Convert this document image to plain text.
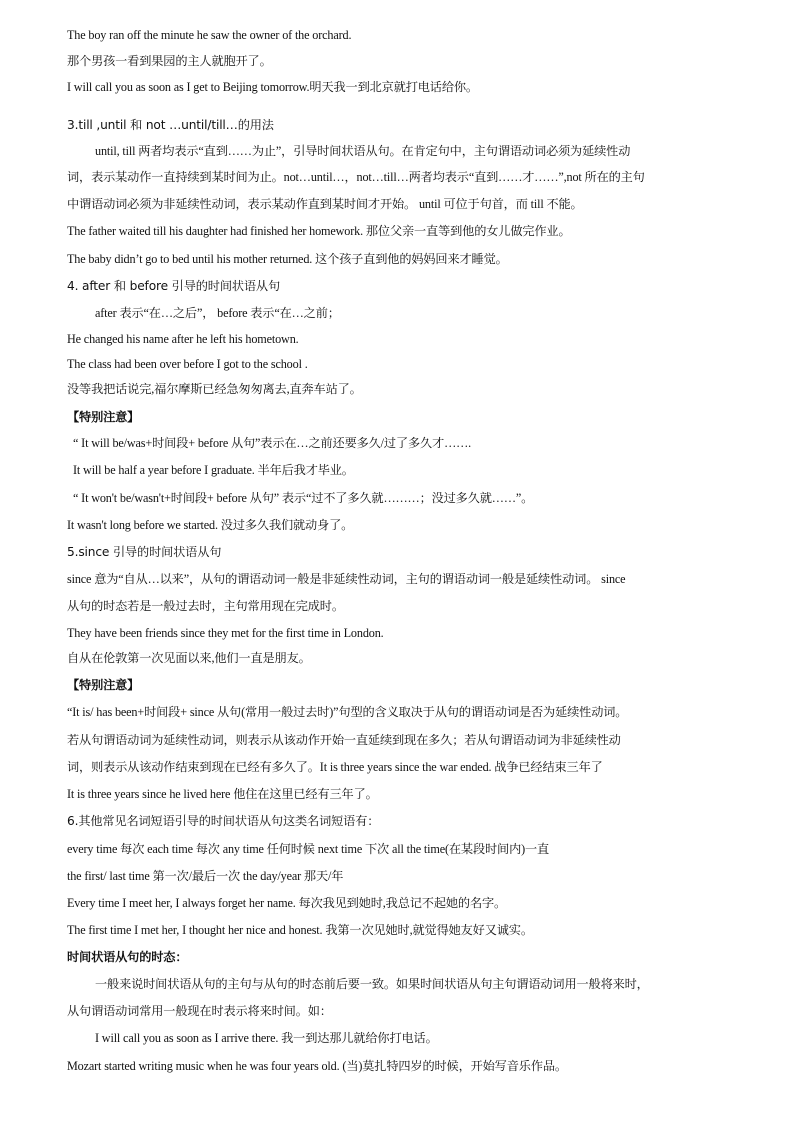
The boy ran off the minute he saw the owner of the orchard.
那个男孩一看到果园的主人就胞开了。
I will call you as soon as I get to Beijing tomorrow.明天我一到北京就打电话给你。
3.till ,until 和 not …until/till…的用法
until, till 两者均表示“直到……为止”，引导时间状语从句。在肯定句中，主句谓语动词必须为延续性动
词，表示某动作一直持续到某时间为止。not…until…，not…till…两者均表示“直到……才……”,not 所在的主句
中谓语动词必须为非延续性动词，表示某动作直到某时间才开始。 until 可位于句首，而 till 不能。
The father waited till his daughter had finished her homework. 那位父亲一直等到他的女儿做完作业。
The baby didn’t go to bed until his mother returned. 这个孩子直到他的妈妈回来才睡觉。
4. after 和 before 引导的时间状语从句
after 表示“在…之后”， before 表示“在…之前；
He changed his name after he left his hometown.
The class had been over before I got to the school .
没等我把话说完,福尔摩斯已经急匆匆离去,直奔车站了。
【特别注意】
“ It will be/was+时间段+ before 从句”表示在…之前还要多久/过了多久才…….
It will be half a year before I graduate. 半年后我才毕业。
“ It won't be/wasn't+时间段+ before 从句” 表示“过不了多久就………；没过多久就……”。
It wasn't long before we started. 没过多久我们就动身了。
5.since 引导的时间状语从句
since 意为“自从…以来”，从句的谓语动词一般是非延续性动词，主句的谓语动词一般是延续性动词。 since
从句的时态若是一般过去时，主句常用现在完成时。
They have been friends since they met for the first time in London.
自从在伦敦第一次见面以来,他们一直是朋友。
【特别注意】
“It is/ has been+时间段+ since 从句(常用一般过去时)”句型的含义取决于从句的谓语动词是否为延续性动词。
若从句谓语动词为延续性动词，则表示从该动作开始一直延续到现在多久；若从句谓语动词为非延续性动
词，则表示从该动作结束到现在已经有多久了。It is three years since the war ended. 战争已经结束三年了
It is three years since he lived here 他住在这里已经有三年了。
6.其他常见名词短语引导的时间状语从句这类名词短语有：
every time 每次 each time 每次 any time 任何时候 next time 下次 all the time(在某段时间内)一直
the first/ last time 第一次/最后一次 the day/year 那天/年
Every time I meet her, I always forget her name. 每次我见到她时,我总记不起她的名字。
The first time I met her, I thought her nice and honest. 我第一次见她时,就觉得她友好又诚实。
时间状语从句的时态：
一般来说时间状语从句的主句与从句的时态前后要一致。如果时间状语从句主句谓语动词用一般将来时，
从句谓语动词常用一般现在时表示将来时间。如：
I will call you as soon as I arrive there. 我一到达那儿就给你打电话。
Mozart started writing music when he was four years old. (当)莫扎特四岁的时候，开始写音乐作品。
